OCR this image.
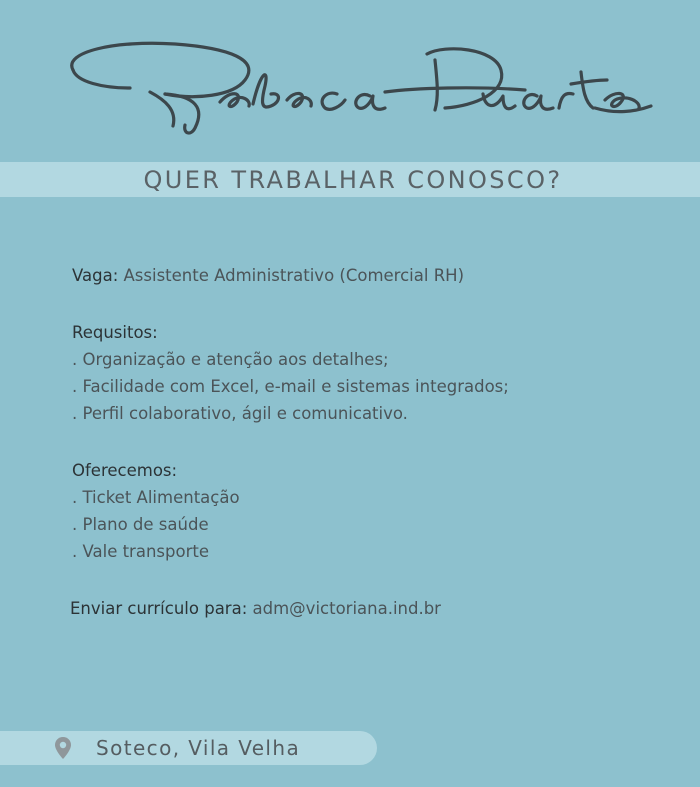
QUER TRABALHAR CONOSCO?
Vaga: Assistente Administrativo (Comercial RH)
Requsitos:
. Organização e atenção aos detalhes;
. Facilidade com Excel, e-mail e sistemas integrados;
. Perfil colaborativo, ágil e comunicativo.
Oferecemos:
. Ticket Alimentação
. Plano de saúde
. Vale transporte
Enviar currículo para: adm@victoriana.ind.br
Soteco, Vila Velha
